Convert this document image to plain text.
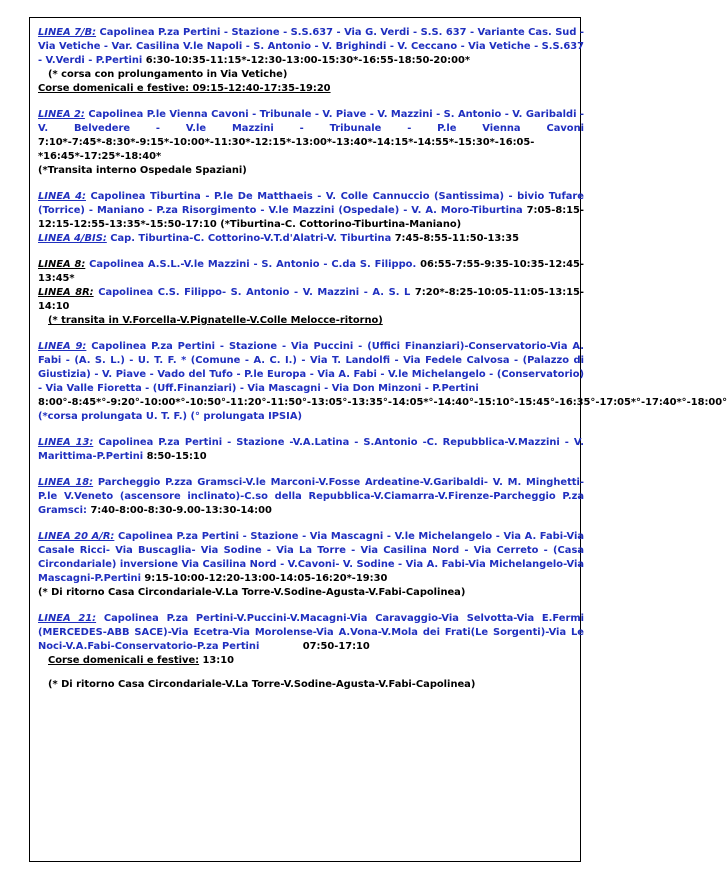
LINEA 7/B: Capolinea P.za Pertini - Stazione - S.S.637 - Via G. Verdi - S.S. 637 - Variante Cas. Sud - Via Vetiche - Var. Casilina V.le Napoli - S. Antonio - V. Brighindi - V. Ceccano - Via Vetiche - S.S.637 - V.Verdi - P.Pertini 6:30-10:35-11:15*-12:30-13:00-15:30*-16:55-18:50-20:00*
(* corsa con prolungamento in Via Vetiche)
Corse domenicali e festive: 09:15-12:40-17:35-19:20
LINEA 2: Capolinea P.le Vienna Cavoni - Tribunale - V. Piave - V. Mazzini - S. Antonio - V. Garibaldi - V. Belvedere - V.le Mazzini - Tribunale - P.le Vienna Cavoni 7:10*-7:45*-8:30*-9:15*-10:00*-11:30*-12:15*-13:00*-13:40*-14:15*-14:55*-15:30*-16:05-*16:45*-17:25*-18:40*
(*Transita interno Ospedale Spaziani)
LINEA 4: Capolinea Tiburtina - P.le De Matthaeis - V. Colle Cannuccio (Santissima) - bivio Tufare (Torrice) - Maniano - P.za Risorgimento - V.le Mazzini (Ospedale) - V. A. Moro-Tiburtina 7:05-8:15-12:15-12:55-13:35*-15:50-17:10 (*Tiburtina-C. Cottorino-Tiburtina-Maniano)
LINEA 4/BIS: Cap. Tiburtina-C. Cottorino-V.T.d'Alatri-V. Tiburtina 7:45-8:55-11:50-13:35
LINEA 8: Capolinea A.S.L.-V.le Mazzini - S. Antonio - C.da S. Filippo. 06:55-7:55-9:35-10:35-12:45-13:45*
LINEA 8R: Capolinea C.S. Filippo- S. Antonio - V. Mazzini - A. S. L 7:20*-8:25-10:05-11:05-13:15-14:10
(* transita in V.Forcella-V.Pignatelle-V.Colle Melocce-ritorno)
LINEA 9: Capolinea P.za Pertini - Stazione - Via Puccini - (Uffici Finanziari)-Conservatorio-Via A. Fabi - (A. S. L.) - U. T. F. * (Comune - A. C. I.) - Via T. Landolfi - Via Fedele Calvosa - (Palazzo di Giustizia) - V. Piave - Vado del Tufo - P.le Europa - Via A. Fabi - V.le Michelangelo - (Conservatorio) - Via Valle Fioretta - (Uff.Finanziari) - Via Mascagni - Via Don Minzoni - P.Pertini
8:00°-8:45*°-9:20°-10:00*°-10:50°-11:20°-11:50°-13:05°-13:35°-14:05*°-14:40°-15:10°-15:45°-16:35°-17:05*°-17:40*°-18:00° (*corsa prolungata U. T. F.) (° prolungata IPSIA)
LINEA 13: Capolinea P.za Pertini - Stazione -V.A.Latina - S.Antonio -C. Repubblica-V.Mazzini - V. Marittima-P.Pertini 8:50-15:10
LINEA 18: Parcheggio P.zza Gramsci-V.le Marconi-V.Fosse Ardeatine-V.Garibaldi- V. M. Minghetti-P.le V.Veneto (ascensore inclinato)-C.so della Repubblica-V.Ciamarra-V.Firenze-Parcheggio P.za Gramsci: 7:40-8:00-8:30-9.00-13:30-14:00
LINEA 20 A/R: Capolinea P.za Pertini - Stazione - Via Mascagni - V.le Michelangelo - Via A. Fabi-Via Casale Ricci- Via Buscaglia- Via Sodine - Via La Torre - Via Casilina Nord - Via Cerreto - (Casa Circondariale) inversione Via Casilina Nord - V.Cavoni- V. Sodine - Via A. Fabi-Via Michelangelo-Via Mascagni-P.Pertini 9:15-10:00-12:20-13:00-14:05-16:20*-19:30
(* Di ritorno Casa Circondariale-V.La Torre-V.Sodine-Agusta-V.Fabi-Capolinea)
LINEA 21: Capolinea P.za Pertini-V.Puccini-V.Macagni-Via Caravaggio-Via Selvotta-Via E.Fermi (MERCEDES-ABB SACE)-Via Ecetra-Via Morolense-Via A.Vona-V.Mola dei Frati(Le Sorgenti)-Via Le Noci-V.A.Fabi-Conservatorio-P.za Pertini	07:50-17:10
Corse domenicali e festive: 13:10
(* Di ritorno Casa Circondariale-V.La Torre-V.Sodine-Agusta-V.Fabi-Capolinea)
